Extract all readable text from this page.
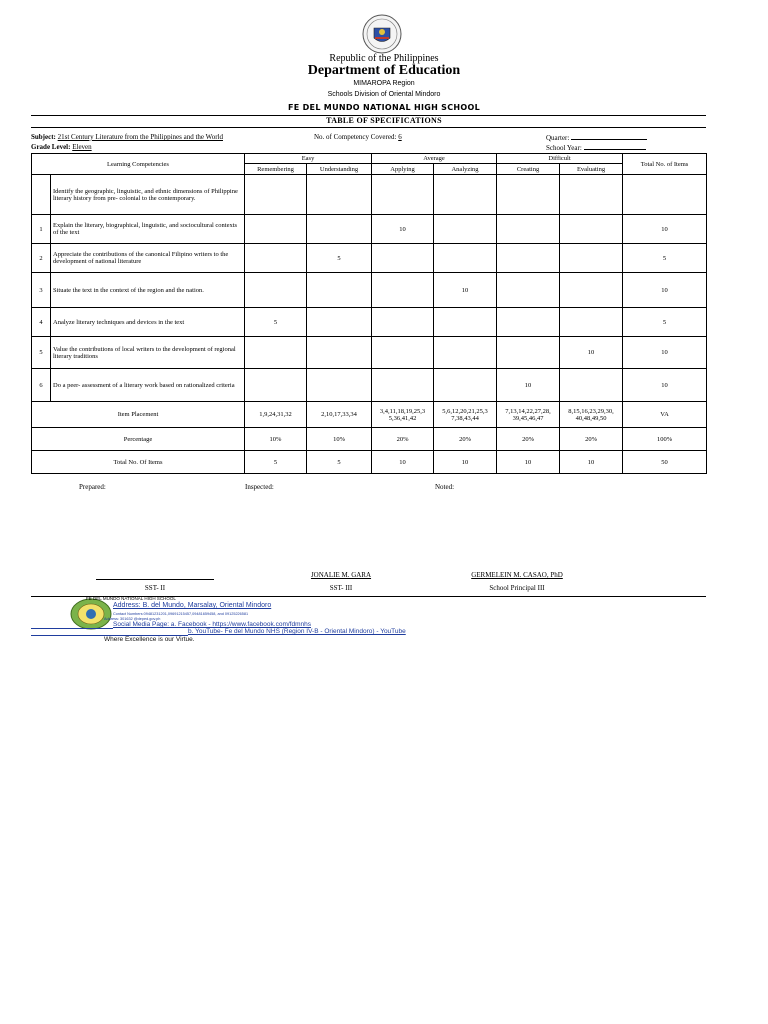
Republic of the Philippines
Department of Education
MIMAROPA Region
Schools Division of Oriental Mindoro
FE DEL MUNDO NATIONAL HIGH SCHOOL
TABLE OF SPECIFICATIONS
Subject: 21st Century Literature from the Philippines and the World	No. of Competency Covered: 6	Quarter:
Grade Level: Eleven	School Year:
Learning Competencies		Easy		Average		Difficult		Total No. of Items
		Remembering	Understanding	Applying	Analyzing	Creating	Evaluating	
	Identify the geographic, linguistic, and ethnic dimensions of Philippine literary history from pre- colonial to the contemporary.							
1	Explain the literary, biographical, linguistic, and sociocultural contexts of the text			10				10
2	Appreciate the contributions of the canonical Filipino writers to the development of national literature		5					5
3	Situate the text in the context of the region and the nation.				10			10
4	Analyze literary techniques and devices in the text	5						5
5	Value the contributions of local writers to the development of regional literary traditions						10	10
6	Do a peer- assessment of a literary work based on rationalized criteria					10		10
Item Placement		1,9,24,31,32	2,10,17,33,34	3,4,11,18,19,25,3 5,36,41,42	5,6,12,20,21,25,3 7,38,43,44	7,13,14,22,27,28, 39,45,46,47	8,15,16,23,29,30, 40,48,49,50	VA
Percentage		10%	10%	20%	20%	20%	20%	100%
Total No. Of Items		5	5	10	10	10	10	50
Prepared:	Inspected:	Noted:
SST- II
JONALIE M. GARA
SST- III
GERMELEIN M. CASAO, PhD
School Principal III
FE DEL MUNDO NATIONAL HIGH SCHOOL
Address: B. del Mundo, Marsalay, Oriental Mindoro
Contact Numbers:09481231201,09691215457,09481659458, and 09125226581
Address: 301632 @deped.gov.ph
Social Media Page: a. Facebook - https://www.facebook.com/fdmnhs
b. YouTube- Fe del Mundo NHS (Region IV-B - Oriental Mindoro) - YouTube
Where Excellence is our Virtue.
